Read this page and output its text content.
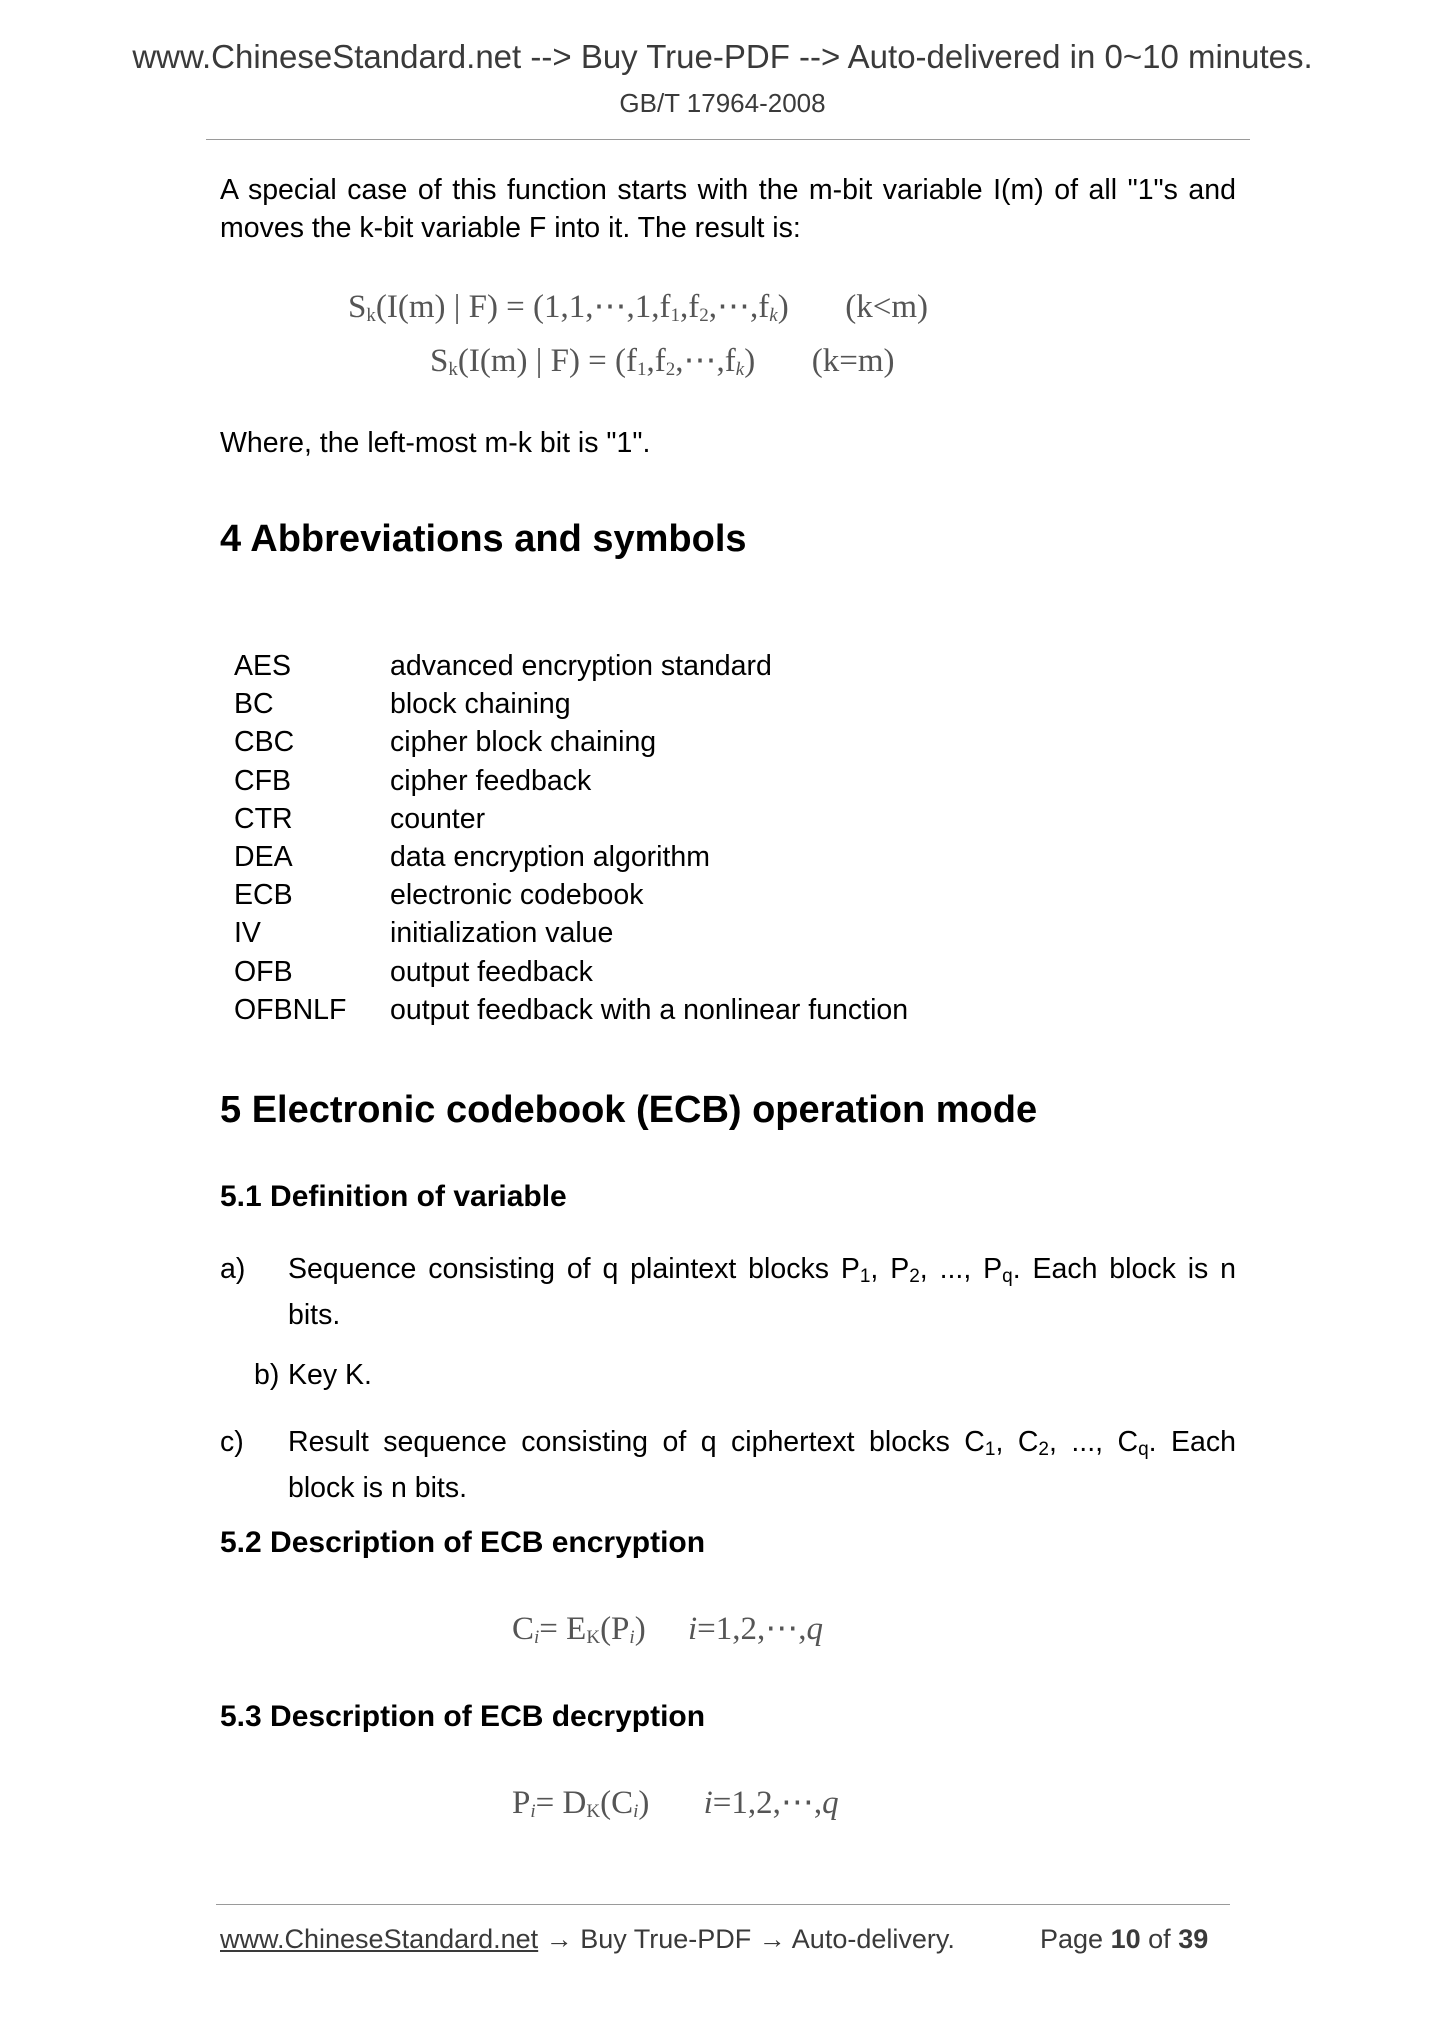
www.ChineseStandard.net --> Buy True-PDF --> Auto-delivered in 0~10 minutes.
GB/T 17964-2008
A special case of this function starts with the m-bit variable I(m) of all "1"s and moves the k-bit variable F into it. The result is:
$S_k(I(m)$ | $F) = (1,1,\cdots,1,f_1,f_2,\cdots,f_k)$ (k<m)
$S_k(I(m)$ | $F) = (f_1,f_2,\cdots,f_k)$ (k=m)
Where, the left-most m-k bit is "1".
4 Abbreviations and symbols
AES	advanced encryption standard
BC	block chaining
CBC	cipher block chaining
CFB	cipher feedback
CTR	counter
DEA	data encryption algorithm
ECB	electronic codebook
IV	initialization value
OFB	output feedback
OFBNLF output feedback with a nonlinear function
5 Electronic codebook (ECB) operation mode
5.1 Definition of variable
a) Sequence consisting of q plaintext blocks $P_1$, $P_2$, ..., $P_q$. Each block is n bits.
b) Key K.
c) Result sequence consisting of q ciphertext blocks $C_1$, $C_2$, ..., $C_q$. Each block is n bits.
5.2 Description of ECB encryption
$C_i= E_K(P_i)$ i=1,2,⋯,q
5.3 Description of ECB decryption
$P_i= D_K(C_i)$ i=1,2,⋯,q
www.ChineseStandard.net → Buy True-PDF → Auto-delivery.	Page 10 of 39
